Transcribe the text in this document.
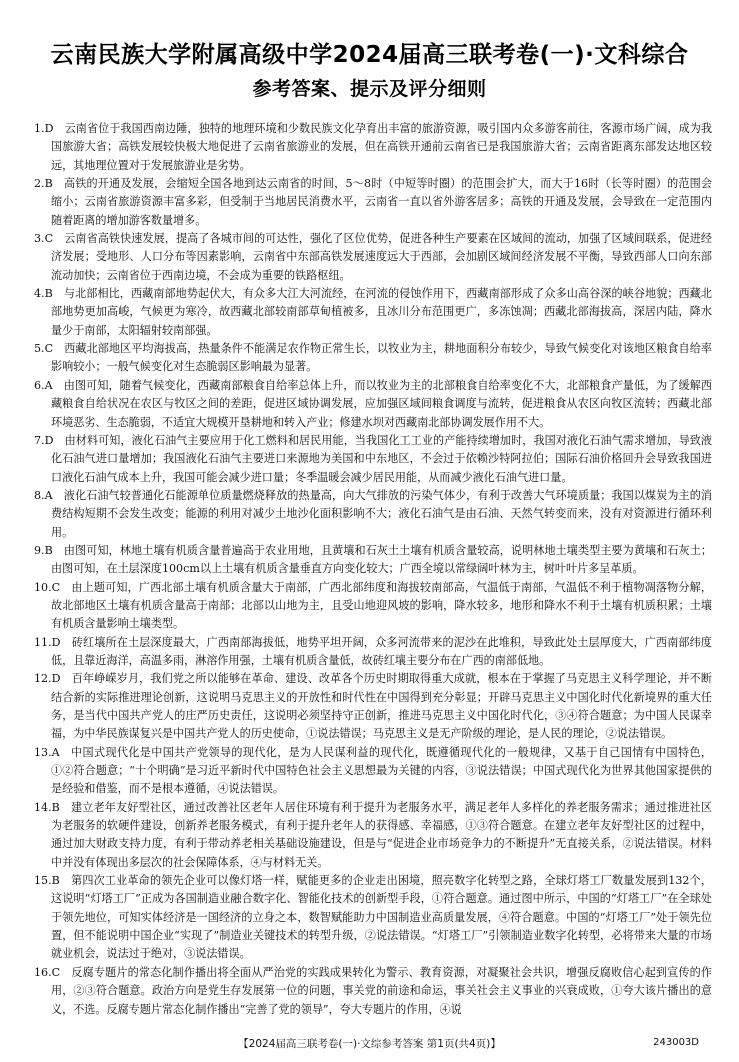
云南民族大学附属高级中学2024届高三联考卷(一)·文科综合
参考答案、提示及评分细则

1.D  云南省位于我国西南边陲，独特的地理环境和少数民族文化孕育出丰富的旅游资源，吸引国内众多游客前往，客源市场广阔，成为我国旅游大省；高铁发展较快极大地促进了云南省旅游业的发展，但在高铁开通前云南省已是我国旅游大省；云南省距离东部发达地区较远，其地理位置对于发展旅游业是劣势。

2.B  高铁的开通及发展，会缩短全国各地到达云南省的时间，5～8时（中短等时圈）的范围会扩大，而大于16时（长等时圈）的范围会缩小；云南省旅游资源丰富多彩，但受制于当地居民消费水平，云南省一直以省外游客居多；高铁的开通及发展，会导致在一定范围内随着距离的增加游客数量增多。

3.C  云南省高铁快速发展，提高了各城市间的可达性，强化了区位优势，促进各种生产要素在区域间的流动，加强了区域间联系，促进经济发展；受地形、人口分布等因素影响，云南省中东部高铁发展速度远大于西部，会加剧区域间经济发展不平衡，导致西部人口向东部流动加快；云南省位于西南边境，不会成为重要的铁路枢纽。

4.B  与北部相比，西藏南部地势起伏大，有众多大江大河流经，在河流的侵蚀作用下，西藏南部形成了众多山高谷深的峡谷地貌；西藏北部地势更加高峻，气候更为寒冷，故西藏北部较南部草甸植被多，且冰川分布范围更广，多冻蚀凋；西藏北部海拔高，深居内陆，降水量少于南部，太阳辐射较南部强。

5.C  西藏北部地区平均海拔高，热量条件不能满足农作物正常生长，以牧业为主，耕地面积分布较少，导致气候变化对该地区粮食自给率影响较小；一般气候变化对生态脆弱区影响最为显著。

6.A  由图可知，随着气候变化，西藏南部粮食自给率总体上升，而以牧业为主的北部粮食自给率变化不大，北部粮食产量低，为了缓解西藏粮食自给状况在农区与牧区之间的差距，促进区域协调发展，应加强区域间粮食调度与流转，促进粮食从农区向牧区流转；西藏北部环境恶劣、生态脆弱，不适宜大规模开垦耕地和转入产业；修建水坝对西藏南北部协调发展作用不大。

7.D  由材料可知，液化石油气主要应用于化工燃料和居民用能，当我国化工工业的产能持续增加时，我国对液化石油气需求增加，导致液化石油气进口量增加；我国液化石油气主要进口来源地为美国和中东地区，不会过于依赖沙特阿拉伯；国际石油价格回升会导致我国进口液化石油气成本上升，我国可能会减少进口量；冬季温暖会减少居民用能，从而减少液化石油气进口量。

8.A  液化石油气较普通化石能源单位质量燃烧释放的热量高，向大气排放的污染气体少，有利于改善大气环境质量；我国以煤炭为主的消费结构短期不会发生改变；能源的利用对减少土地沙化面积影响不大；液化石油气是由石油、天然气转变而来，没有对资源进行循环利用。

9.B  由图可知，林地土壤有机质含量普遍高于农业用地，且黄壤和石灰土土壤有机质含量较高，说明林地土壤类型主要为黄壤和石灰土；由图可知，在土层深度100cm以上土壤有机质含量垂直方向变化较大；广西全境以常绿阔叶林为主，树叶叶片多呈革质。

10.C  由上题可知，广西北部土壤有机质含量大于南部，广西北部纬度和海拔较南部高，气温低于南部，气温低不利于植物凋落物分解，故北部地区土壤有机质含量高于南部；北部以山地为主，且受山地迎风坡的影响，降水较多，地形和降水不利于土壤有机质积累；土壤有机质含量影响土壤类型。

11.D  砖红壤所在土层深度最大，广西南部海拔低，地势平坦开阔，众多河流带来的泥沙在此堆积，导致此处土层厚度大，广西南部纬度低，且靠近海洋，高温多雨，淋溶作用强，土壤有机质含量低，故砖红壤主要分布在广西的南部低地。

12.D  百年峥嵘岁月，我们党之所以能够在革命、建设、改革各个历史时期取得重大成就，根本在于掌握了马克思主义科学理论，并不断结合新的实际推进理论创新，这说明马克思主义的开放性和时代性在中国得到充分彰显；开辟马克思主义中国化时代化新境界的重大任务，是当代中国共产党人的庄严历史责任，这说明必须坚持守正创新，推进马克思主义中国化时代化，③④符合题意；为中国人民谋幸福，为中华民族谋复兴是中国共产党人的历史使命，①说法错误；马克思主义是无产阶级的理论，是人民的理论，②说法错误。

13.A  中国式现代化是中国共产党领导的现代化，是为人民谋利益的现代化，既遵循现代化的一般规律，又基于自己国情有中国特色，①②符合题意；“十个明确”是习近平新时代中国特色社会主义思想最为关键的内容，③说法错误；中国式现代化为世界其他国家提供的是经验和借鉴，而不是根本遵循，④说法错误。

14.B  建立老年友好型社区，通过改善社区老年人居住环境有利于提升为老服务水平，满足老年人多样化的养老服务需求；通过推进社区为老服务的软硬件建设，创新养老服务模式，有利于提升老年人的获得感、幸福感，①③符合题意。在建立老年友好型社区的过程中，通过加大财政支持力度，有利于带动养老相关基础设施建设，但是与“促进企业市场竞争力的不断提升”无直接关系，②说法错误。材料中并没有体现出多层次的社会保障体系，④与材料无关。

15.B  第四次工业革命的领先企业可以像灯塔一样，赋能更多的企业走出困境，照亮数字化转型之路，全球灯塔工厂数量发展到132个，这说明“灯塔工厂”正成为各国制造业融合数字化、智能化技术的创新型手段，①符合题意。通过图中所示，中国的“灯塔工厂”在全球处于领先地位，可知实体经济是一国经济的立身之本，数智赋能助力中国制造业高质量发展，④符合题意。中国的“灯塔工厂”处于领先位置，但不能说明中国企业“实现了”制造业关键技术的转型升级，②说法错误。“灯塔工厂”引领制造业数字化转型，必将带来大量的市场就业机会，说法过于绝对，③说法错误。

16.C  反腐专题片的常态化制作播出将全面从严治党的实践成果转化为警示、教育资源，对凝聚社会共识，增强反腐败信心起到宣传的作用，②③符合题意。政治方向是党生存发展第一位的问题，事关党的前途和命运，事关社会主义事业的兴衰成败，①夸大该片播出的意义，不选。反腐专题片常态化制作播出“完善了党的领导”，夸大专题片的作用，④说

【2024届高三联考卷(一)·文综参考答案 第1页(共4页)】	243003D
